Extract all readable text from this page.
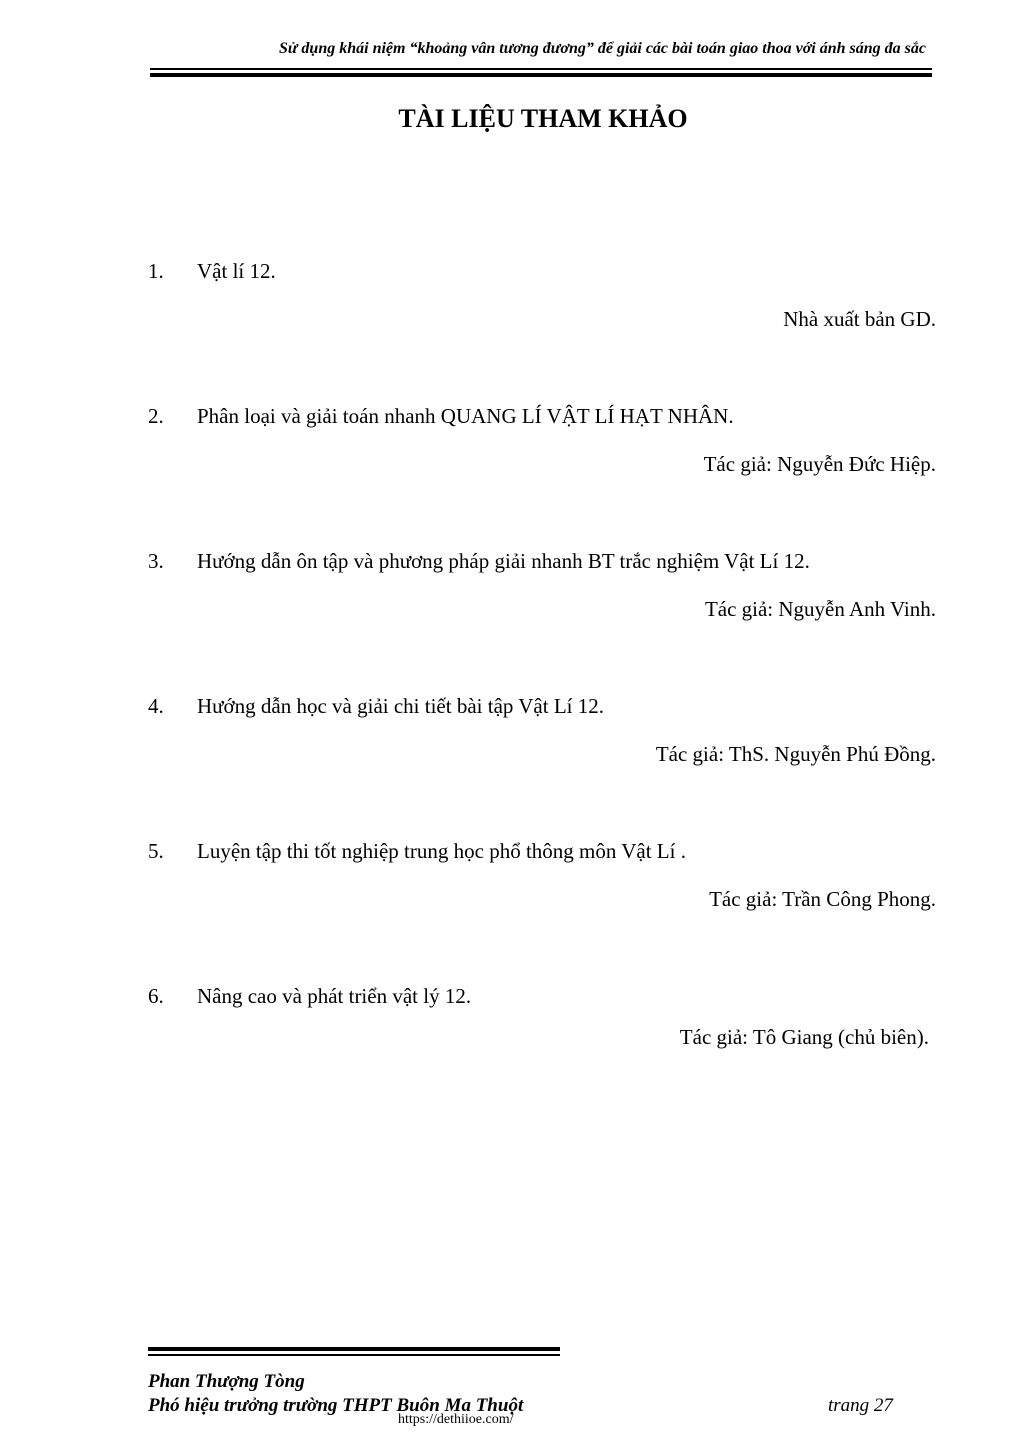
Sử dụng khái niệm “khoảng vân tương đương” để giải các bài toán giao thoa với ánh sáng đa sắc
TÀI LIỆU THAM KHẢO
1. Vật lí 12.
Nhà xuất bản GD.
2. Phân loại và giải toán nhanh QUANG LÍ VẬT LÍ HẠT NHÂN.
Tác giả: Nguyễn Đức Hiệp.
3. Hướng dẫn ôn tập và phương pháp giải nhanh BT trắc nghiệm Vật Lí 12.
Tác giả: Nguyễn Anh Vinh.
4. Hướng dẫn học và giải chi tiết bài tập Vật Lí 12.
Tác giả: ThS. Nguyễn Phú Đồng.
5. Luyện tập thi tốt nghiệp trung học phổ thông môn Vật Lí .
Tác giả: Trần Công Phong.
6. Nâng cao và phát triển vật lý 12.
Tác giả: Tô Giang (chủ biên).
Phan Thượng Tòng
Phó hiệu trưởng trường THPT Buôn Ma Thuột	trang 27
https://dethiioe.com/
